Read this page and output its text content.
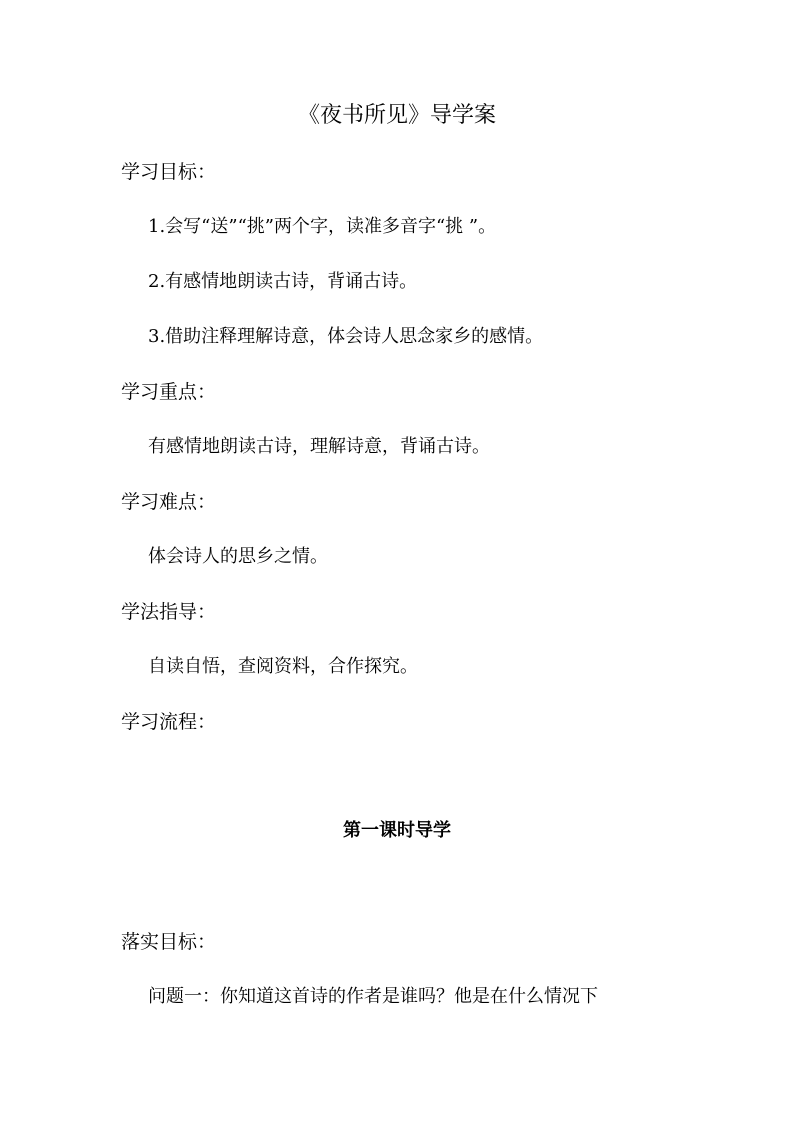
《夜书所见》导学案
学习目标：
1.会写“送”“挑”两个字，读准多音字“挑 ”。
2.有感情地朗读古诗，背诵古诗。
3.借助注释理解诗意，体会诗人思念家乡的感情。
学习重点：
有感情地朗读古诗，理解诗意，背诵古诗。
学习难点：
体会诗人的思乡之情。
学法指导：
自读自悟，查阅资料，合作探究。
学习流程：
第一课时导学
落实目标：
问题一：你知道这首诗的作者是谁吗？他是在什么情况下
